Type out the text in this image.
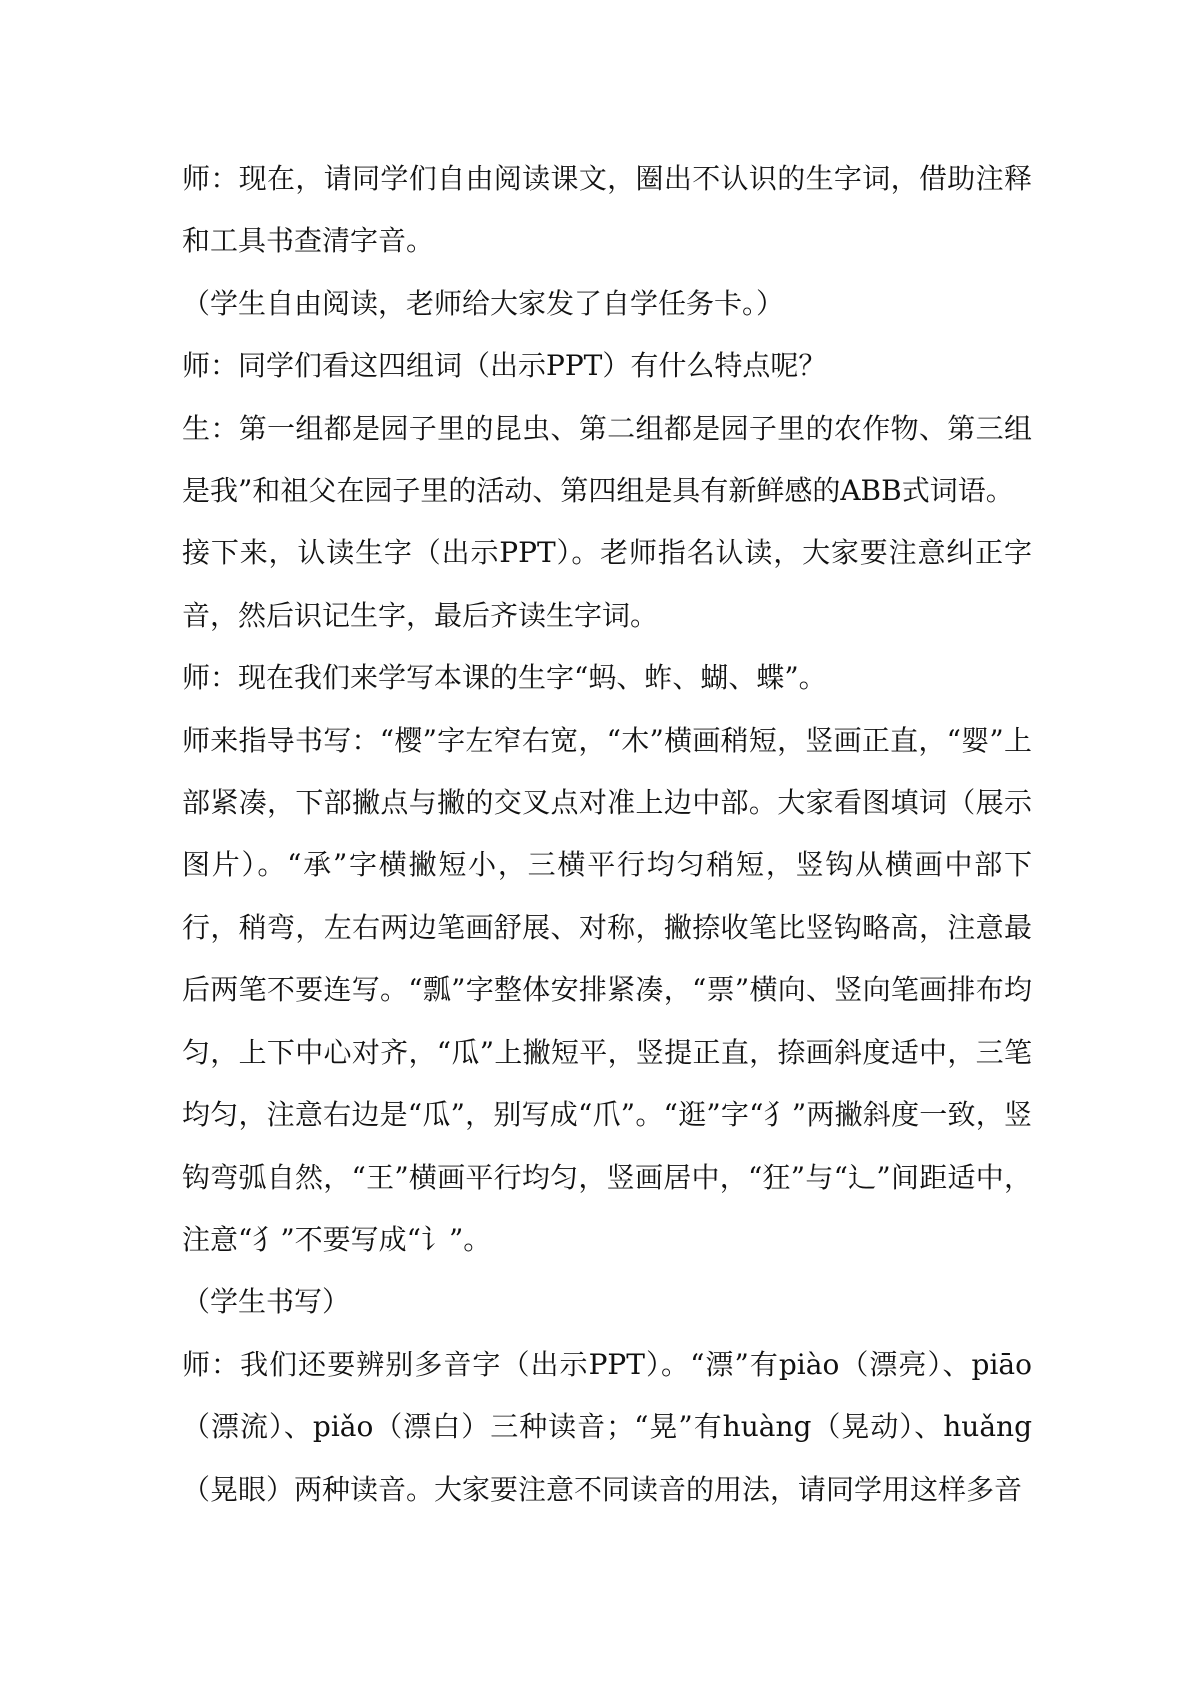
师：现在，请同学们自由阅读课文，圈出不认识的生字词，借助注释和工具书查清字音。

（学生自由阅读，老师给大家发了自学任务卡。）

师：同学们看这四组词（出示PPT）有什么特点呢？

生：第一组都是园子里的昆虫、第二组都是园子里的农作物、第三组是我”和祖父在园子里的活动、第四组是具有新鲜感的ABB式词语。

接下来，认读生字（出示PPT）。老师指名认读，大家要注意纠正字音，然后识记生字，最后齐读生字词。

师：现在我们来学写本课的生字“蚂、蚱、蝴、蝶”。

师来指导书写：“樱”字左窄右宽，“木”横画稍短，竖画正直，“婴”上部紧凑，下部撇点与撇的交叉点对准上边中部。大家看图填词（展示图片）。“承”字横撇短小，三横平行均匀稍短，竖钩从横画中部下行，稍弯，左右两边笔画舒展、对称，撇捺收笔比竖钩略高，注意最后两笔不要连写。“瓢”字整体安排紧凑，“票”横向、竖向笔画排布均匀，上下中心对齐，“瓜”上撇短平，竖提正直，捺画斜度适中，三笔均匀，注意右边是“瓜”，别写成“爪”。“逛”字“犭”两撇斜度一致，竖钩弯弧自然，“王”横画平行均匀，竖画居中，“狂”与“辶”间距适中，注意“犭”不要写成“讠”。

（学生书写）

师：我们还要辨别多音字（出示PPT）。“漂”有piào（漂亮）、piāo（漂流）、piǎo（漂白）三种读音；“晃”有huàng（晃动）、huǎng（晃眼）两种读音。大家要注意不同读音的用法，请同学用这样多音
